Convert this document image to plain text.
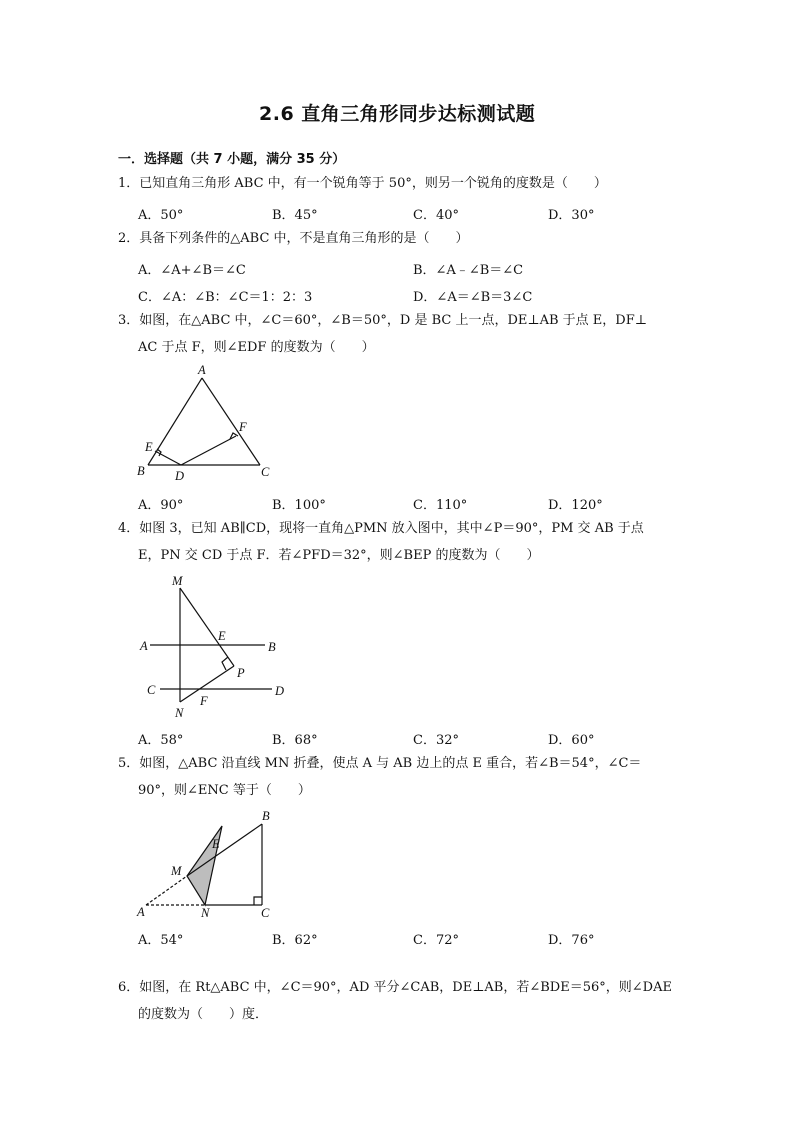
2.6 直角三角形同步达标测试题
一．选择题（共 7 小题，满分 35 分）
1．已知直角三角形 ABC 中，有一个锐角等于 50°，则另一个锐角的度数是（　　）
A．50°	B．45°	C．40°	D．30°
2．具备下列条件的△ABC 中，不是直角三角形的是（　　）
A．∠A+∠B＝∠C	B．∠A﹣∠B＝∠C
C．∠A：∠B：∠C＝1：2：3	D．∠A＝∠B＝3∠C
3．如图，在△ABC 中，∠C＝60°，∠B＝50°，D 是 BC 上一点，DE⊥AB 于点 E，DF⊥
AC 于点 F，则∠EDF 的度数为（　　）
A
E
F
B D	C
A．90°	B．100°	C．110°	D．120°
4．如图 3，已知 AB∥CD，现将一直角△PMN 放入图中，其中∠P＝90°，PM 交 AB 于点
E，PN 交 CD 于点 F．若∠PFD＝32°，则∠BEP 的度数为（　　）
M
A
E
B
P
C	D
N
F
A．58°	B．68°	C．32°	D．60°
5．如图，△ABC 沿直线 MN 折叠，使点 A 与 AB 边上的点 E 重合，若∠B＝54°，∠C＝
90°，则∠ENC 等于（　　）
B
E
M
A	N	C
A．54°	B．62°	C．72°	D．76°
6．如图，在 Rt△ABC 中，∠C＝90°，AD 平分∠CAB，DE⊥AB，若∠BDE＝56°，则∠DAE
的度数为（　　）度．
